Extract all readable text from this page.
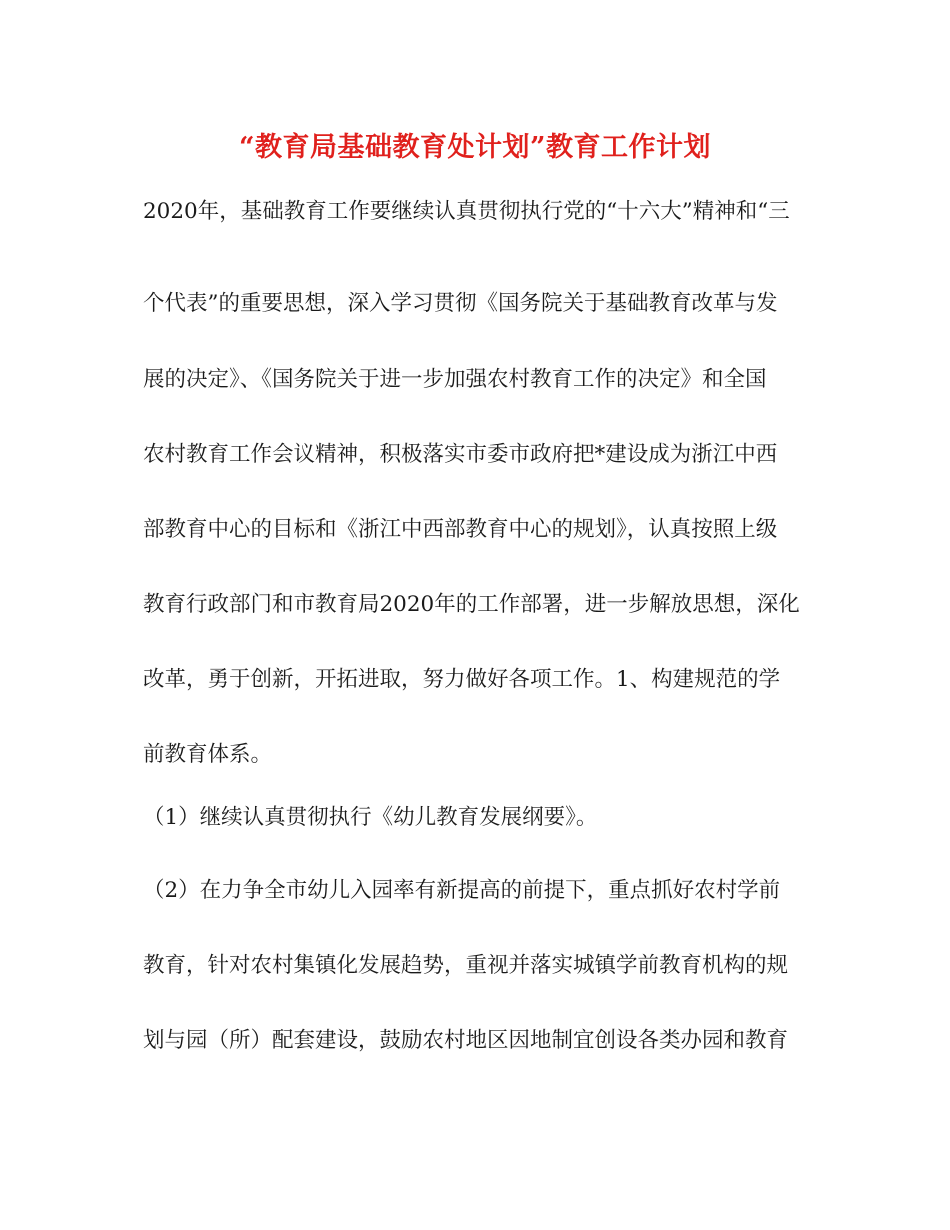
“教育局基础教育处计划”教育工作计划
2020年，基础教育工作要继续认真贯彻执行党的“十六大”精神和“三
个代表”的重要思想，深入学习贯彻《国务院关于基础教育改革与发
展的决定》、《国务院关于进一步加强农村教育工作的决定》和全国
农村教育工作会议精神，积极落实市委市政府把*建设成为浙江中西
部教育中心的目标和《浙江中西部教育中心的规划》，认真按照上级
教育行政部门和市教育局2020年的工作部署，进一步解放思想，深化
改革，勇于创新，开拓进取，努力做好各项工作。1、构建规范的学
前教育体系。
（1）继续认真贯彻执行《幼儿教育发展纲要》。
（2）在力争全市幼儿入园率有新提高的前提下，重点抓好农村学前
教育，针对农村集镇化发展趋势，重视并落实城镇学前教育机构的规
划与园（所）配套建设，鼓励农村地区因地制宜创设各类办园和教育
